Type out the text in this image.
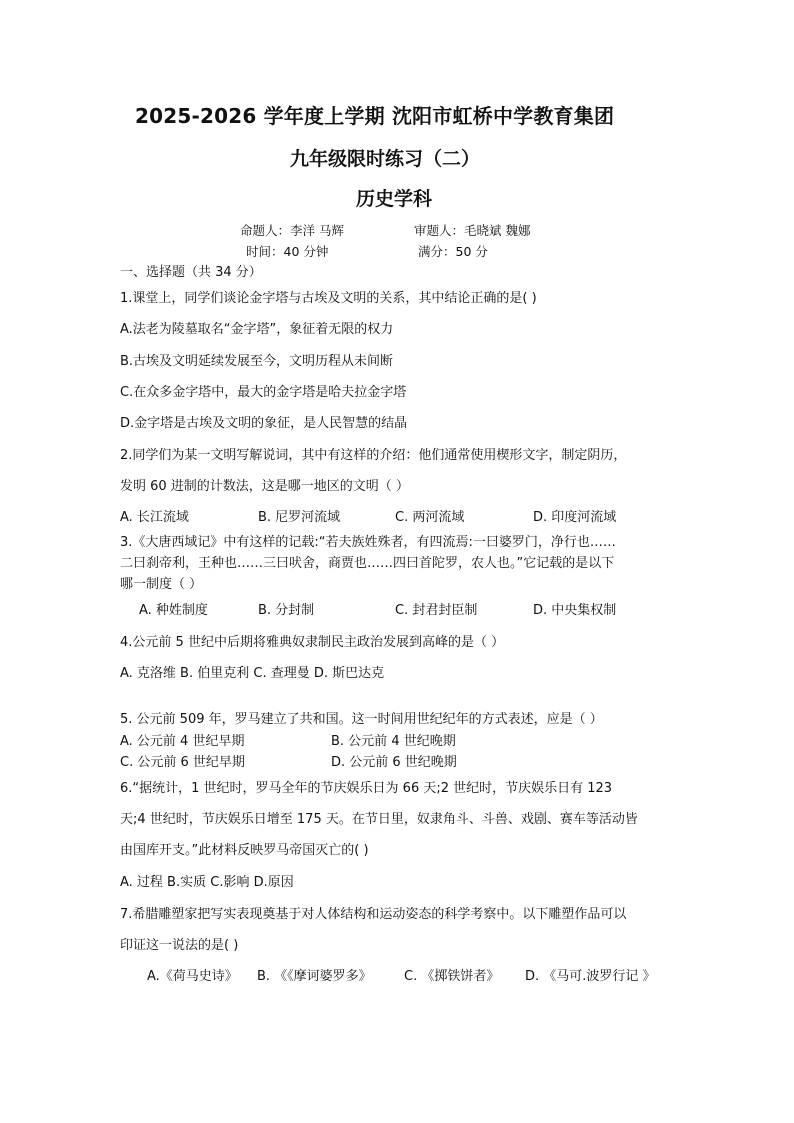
2025-2026 学年度上学期 沈阳市虹桥中学教育集团
九年级限时练习（二）
历史学科
命题人：李洋 马辉	审题人：毛晓斌 魏娜
时间：40 分钟	满分：50 分
一、选择题（共 34 分）
1.课堂上，同学们谈论金字塔与古埃及文明的关系，其中结论正确的是( )
A.法老为陵墓取名“金字塔”，象征着无限的权力
B.古埃及文明延续发展至今，文明历程从未间断
C.在众多金字塔中，最大的金字塔是哈夫拉金字塔
D.金字塔是古埃及文明的象征，是人民智慧的结晶
2.同学们为某一文明写解说词，其中有这样的介绍：他们通常使用楔形文字，制定阴历，
发明 60 进制的计数法，这是哪一地区的文明（ ）
A. 长江流域	B. 尼罗河流域	C. 两河流域	D. 印度河流域
3.《大唐西域记》中有这样的记载:“若夫族姓殊者，有四流焉:一曰婆罗门，净行也……
二曰刹帝利，王种也……三曰吠舍，商贾也……四曰首陀罗，农人也。”它记载的是以下
哪一制度（ ）
A. 种姓制度	B. 分封制	C. 封君封臣制	D. 中央集权制
4.公元前 5 世纪中后期将雅典奴隶制民主政治发展到高峰的是（ ）
A. 克洛维 B. 伯里克利 C. 查理曼 D. 斯巴达克
5. 公元前 509 年，罗马建立了共和国。这一时间用世纪纪年的方式表述，应是（ ）
A. 公元前 4 世纪早期	B. 公元前 4 世纪晚期
C. 公元前 6 世纪早期	D. 公元前 6 世纪晚期
6.“据统计，1 世纪时，罗马全年的节庆娱乐日为 66 天;2 世纪时，节庆娱乐日有 123
天;4 世纪时，节庆娱乐日增至 175 天。在节日里，奴隶角斗、斗兽、戏剧、赛车等活动皆
由国库开支。”此材料反映罗马帝国灭亡的( )
A. 过程 B.实质 C.影响 D.原因
7.希腊雕塑家把写实表现奠基于对人体结构和运动姿态的科学考察中。以下雕塑作品可以
印证这一说法的是( )
A.《荷马史诗》 B. 《《摩诃婆罗多》 C. 《掷铁饼者》 D. 《马可.波罗行记 》
